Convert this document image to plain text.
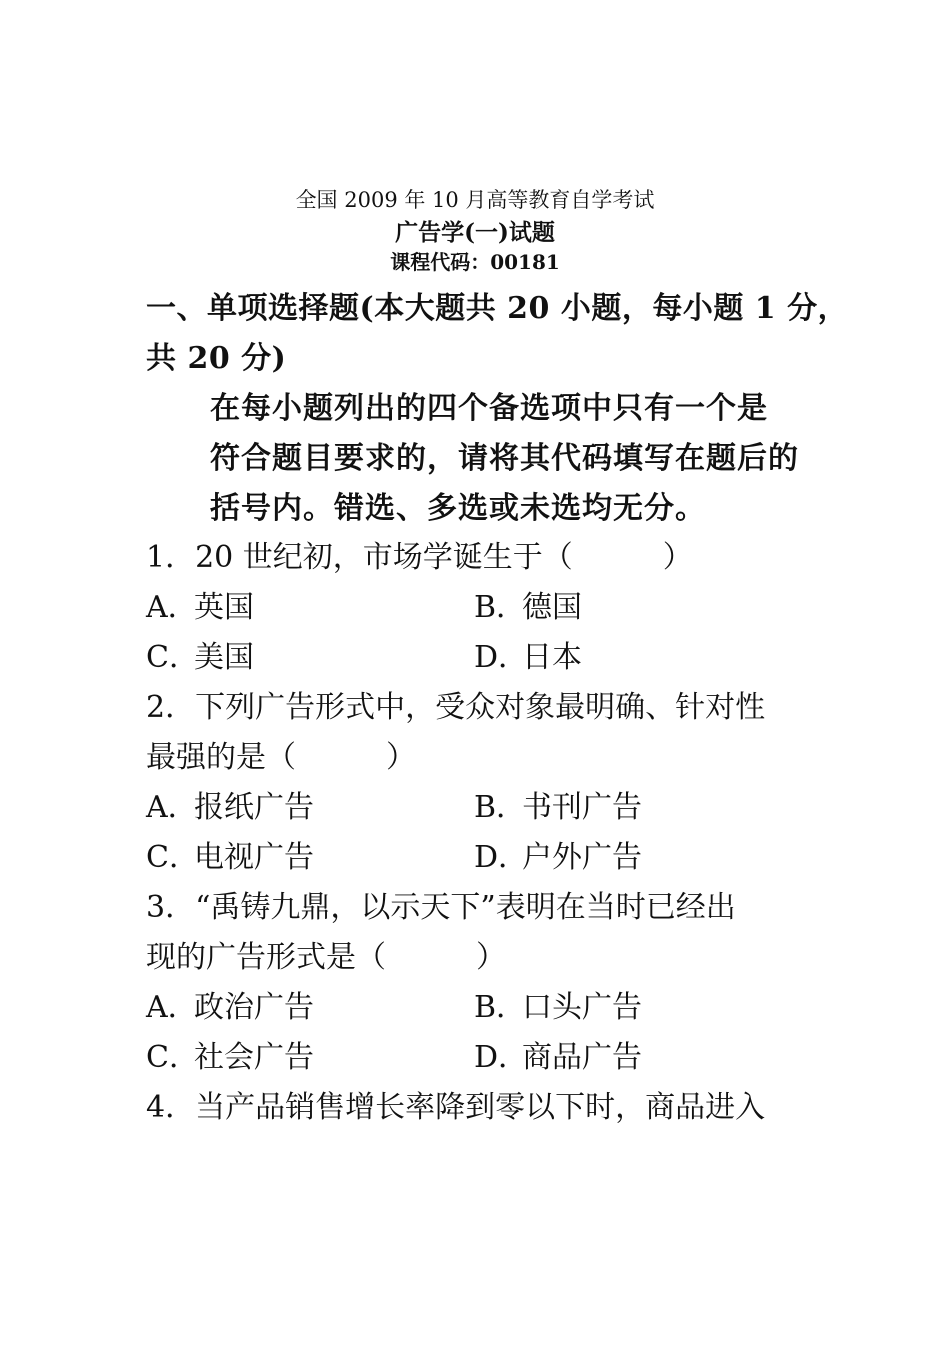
全国 2009 年 10 月高等教育自学考试
广告学(一)试题
课程代码：00181
一、单项选择题(本大题共 20 小题，每小题 1 分，
共 20 分)
在每小题列出的四个备选项中只有一个是
符合题目要求的，请将其代码填写在题后的
括号内。错选、多选或未选均无分。
1．20 世纪初，市场学诞生于（	）
A．英国	B．德国
C．美国	D．日本
2．下列广告形式中，受众对象最明确、针对性
最强的是（	）
A．报纸广告	B．书刊广告
C．电视广告	D．户外广告
3．“禹铸九鼎，以示天下”表明在当时已经出
现的广告形式是（	）
A．政治广告	B．口头广告
C．社会广告	D．商品广告
4．当产品销售增长率降到零以下时，商品进入
